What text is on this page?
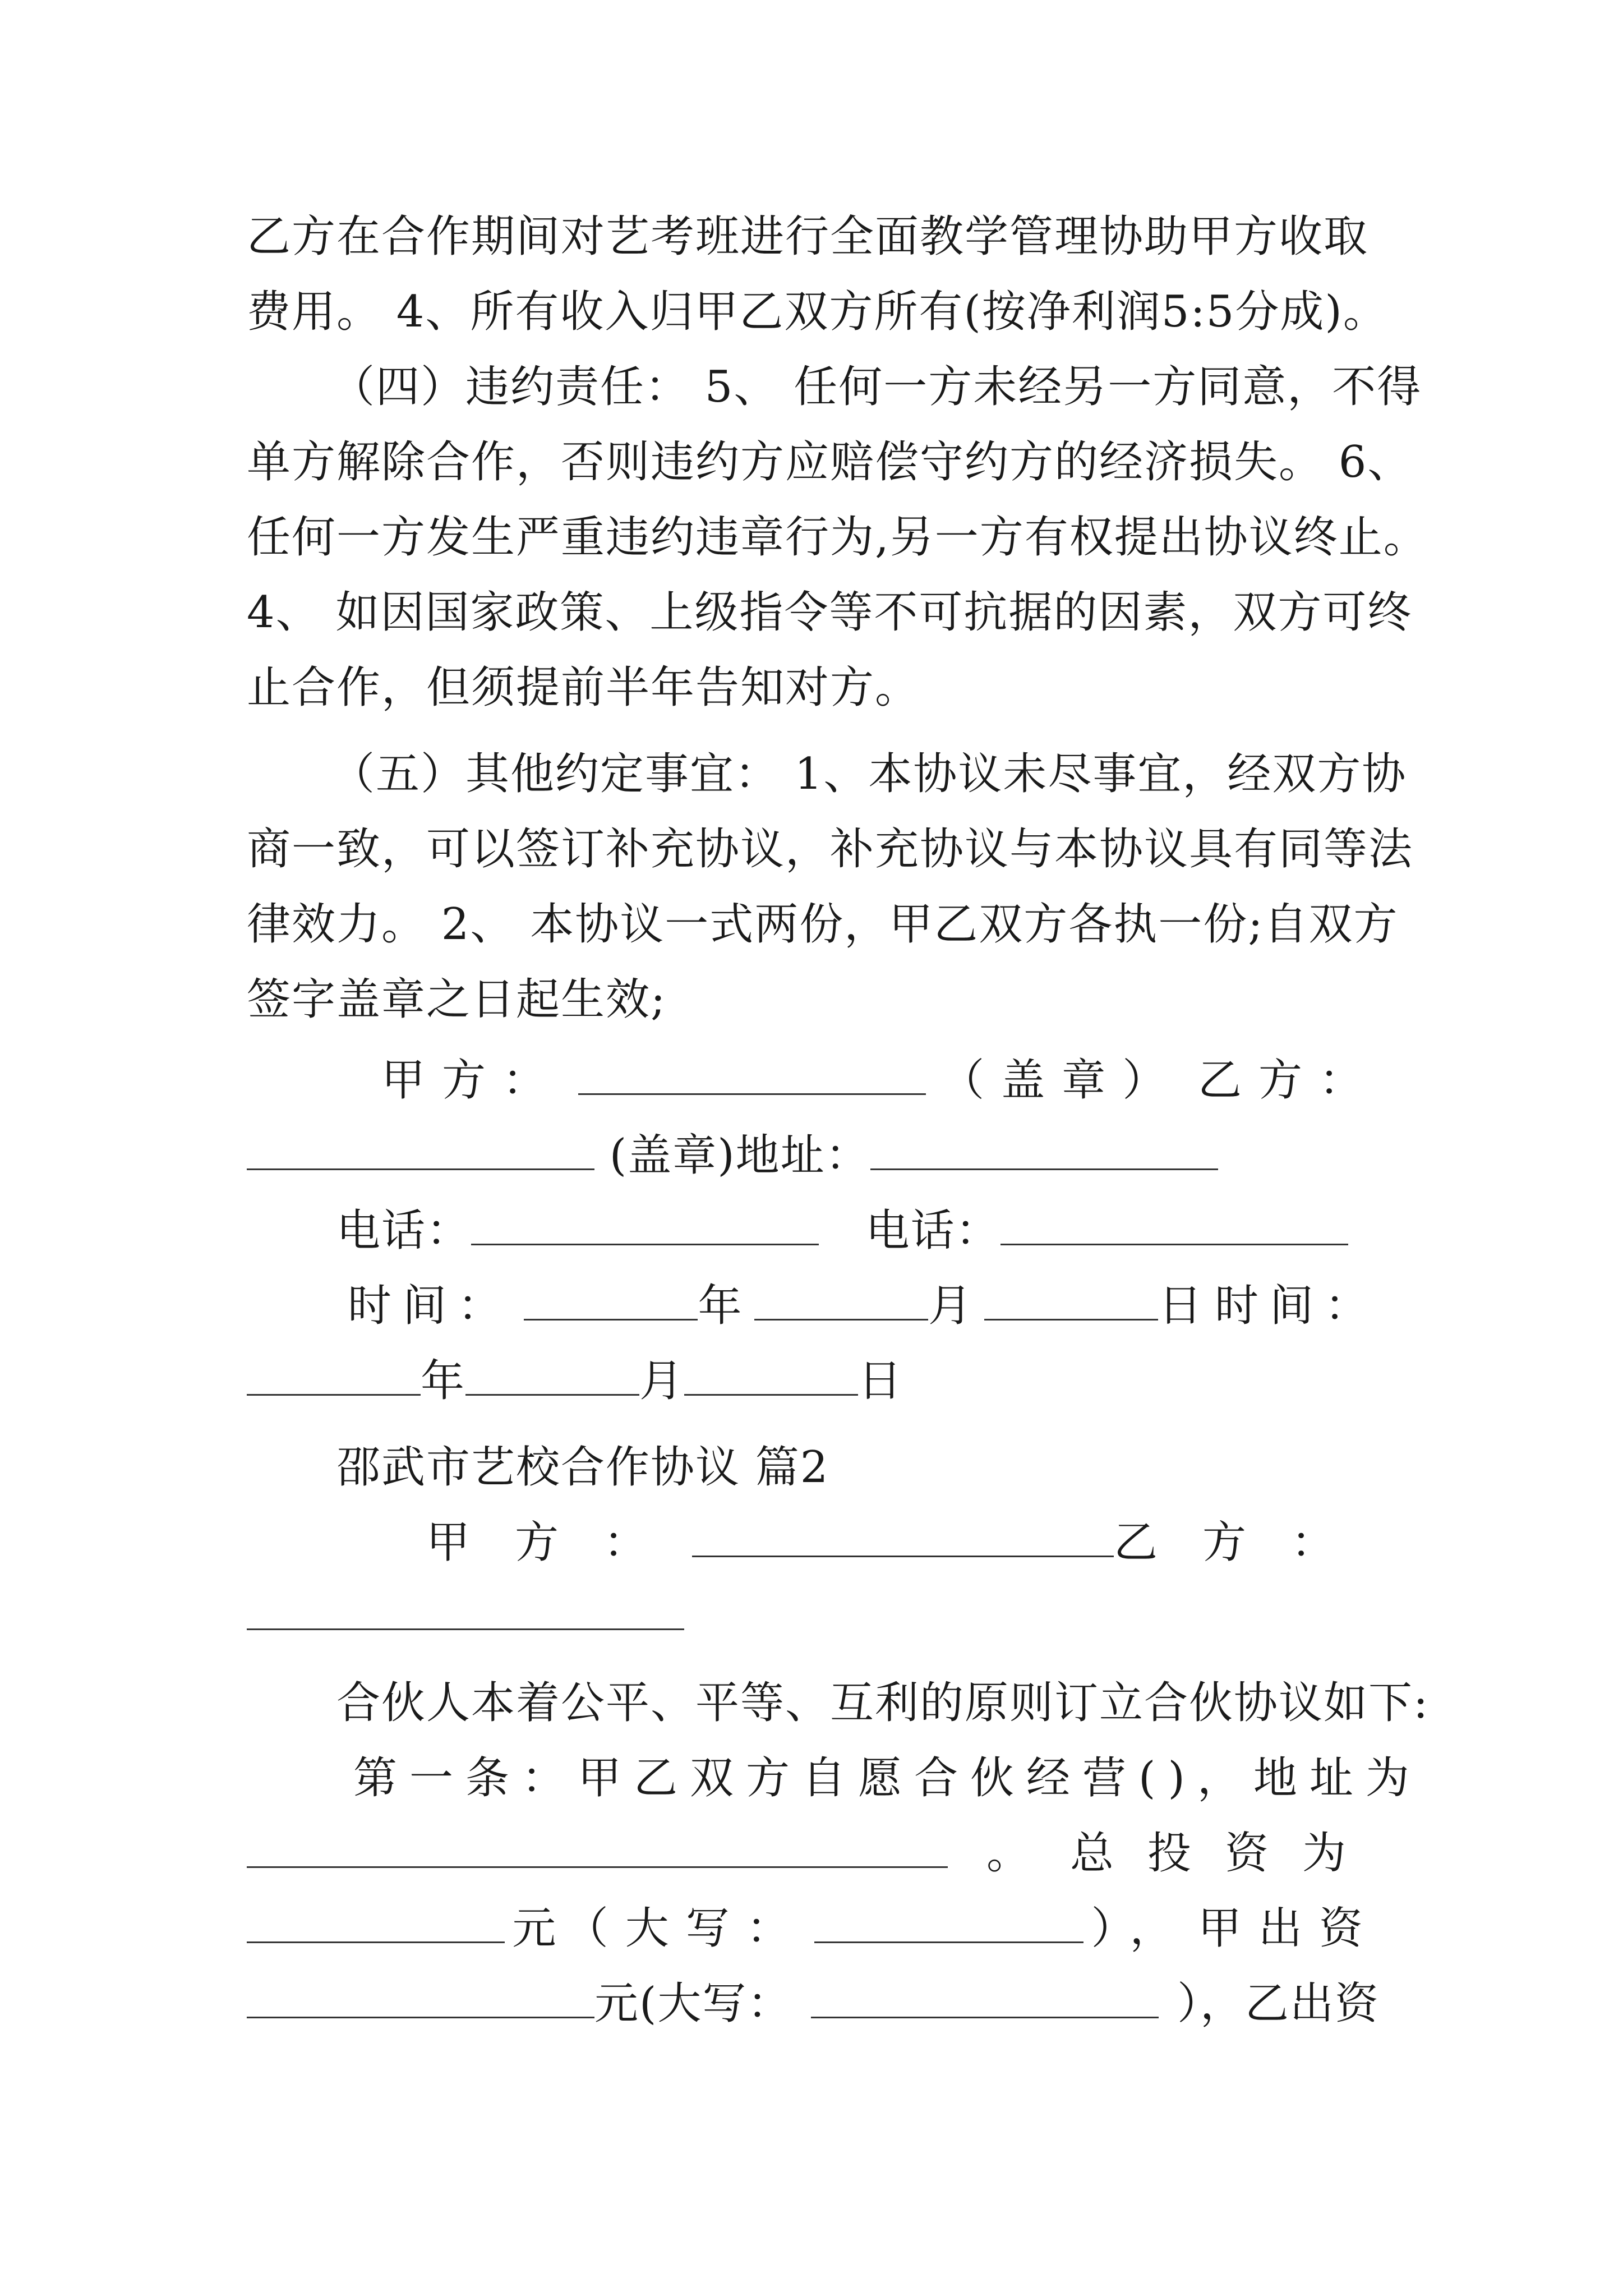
乙方在合作期间对艺考班进行全面教学管理协助甲方收取
费用。 4、所有收入归甲乙双方所有(按净利润5:5分成)。
（四）违约责任： 5、 任何一方未经另一方同意，不得
单方解除合作，否则违约方应赔偿守约方的经济损失。 6、
任何一方发生严重违约违章行为,另一方有权提出协议终止。
4、 如因国家政策、上级指令等不可抗据的因素，双方可终
止合作，但须提前半年告知对方。
（五）其他约定事宜： 1、本协议未尽事宜，经双方协
商一致，可以签订补充协议，补充协议与本协议具有同等法
律效力。 2、 本协议一式两份，甲乙双方各执一份;自双方
签字盖章之日起生效;
甲方：	（盖章） 乙方：
(盖章)地址：
电话：	电话：
时间：	年	月	日 时间：
年	月	日
邵武市艺校合作协议 篇2
甲方：	乙方：
合伙人本着公平、平等、互利的原则订立合伙协议如下:
第一条：甲乙双方自愿合伙经营( )，地址为
。 总投资为
元 （大写：	）， 甲出资
元(大写：	），乙出资
